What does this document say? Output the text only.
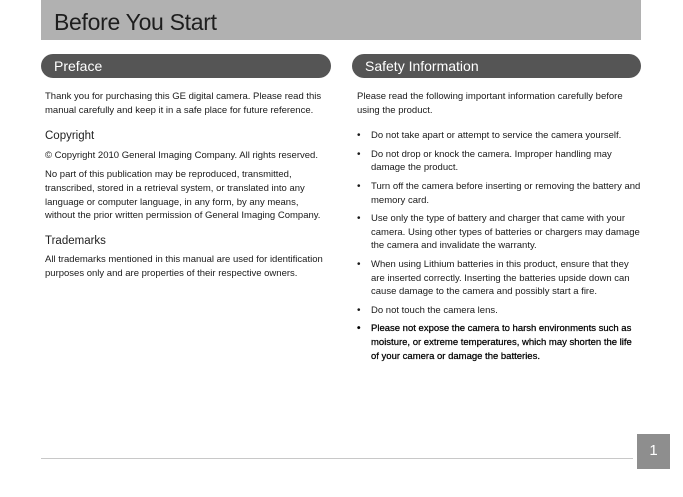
Before You Start
Preface	Safety Information

Thank you for purchasing this GE digital camera. Please read this manual carefully and keep it in a safe place for future reference.

Copyright

© Copyright 2010 General Imaging Company. All rights reserved.

No part of this publication may be reproduced, transmitted, transcribed, stored in a retrieval system, or translated into any language or computer language, in any form, by any means, without the prior written permission of General Imaging Company.

Trademarks

All trademarks mentioned in this manual are used for identification purposes only and are properties of their respective owners.

Please read the following important information carefully before using the product.

• Do not take apart or attempt to service the camera yourself.
• Do not drop or knock the camera. Improper handling may damage the product.
• Turn off the camera before inserting or removing the battery and memory card.
• Use only the type of battery and charger that came with your camera. Using other types of batteries or chargers may damage the camera and invalidate the warranty.
• When using Lithium batteries in this product, ensure that they are inserted correctly. Inserting the batteries upside down can cause damage to the camera and possibly start a fire.
• Do not touch the camera lens.
• Please not expose the camera to harsh environments such as moisture, or extreme temperatures, which may shorten the life of your camera or damage the batteries.
1
